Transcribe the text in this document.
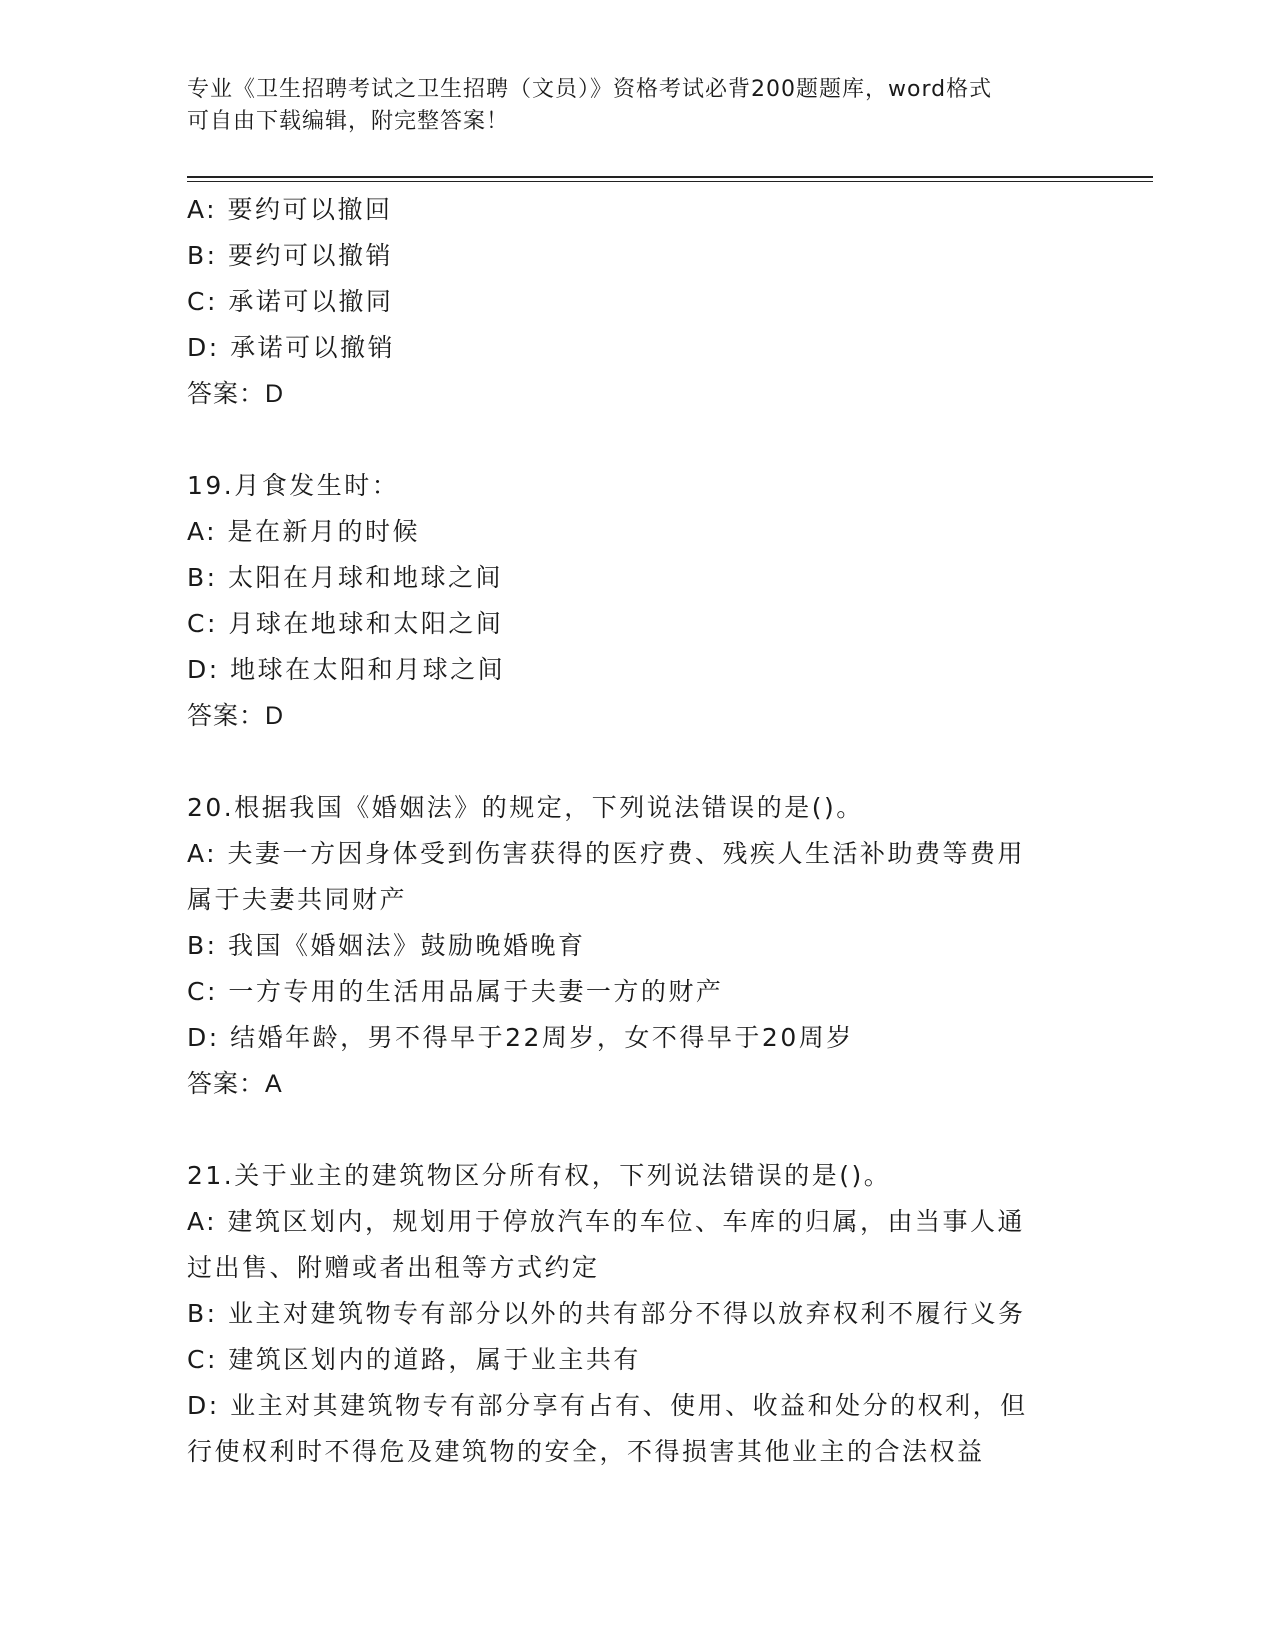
专业《卫生招聘考试之卫生招聘（文员）》资格考试必背200题题库，word格式
可自由下载编辑，附完整答案！
A: 要约可以撤回
B: 要约可以撤销
C: 承诺可以撤同
D: 承诺可以撤销
答案：D
19.月食发生时：
A: 是在新月的时候
B: 太阳在月球和地球之间
C: 月球在地球和太阳之间
D: 地球在太阳和月球之间
答案：D
20.根据我国《婚姻法》的规定，下列说法错误的是()。
A: 夫妻一方因身体受到伤害获得的医疗费、残疾人生活补助费等费用
属于夫妻共同财产
B: 我国《婚姻法》鼓励晚婚晚育
C: 一方专用的生活用品属于夫妻一方的财产
D: 结婚年龄，男不得早于22周岁，女不得早于20周岁
答案：A
21.关于业主的建筑物区分所有权，下列说法错误的是()。
A: 建筑区划内，规划用于停放汽车的车位、车库的归属，由当事人通
过出售、附赠或者出租等方式约定
B: 业主对建筑物专有部分以外的共有部分不得以放弃权利不履行义务
C: 建筑区划内的道路，属于业主共有
D: 业主对其建筑物专有部分享有占有、使用、收益和处分的权利，但
行使权利时不得危及建筑物的安全，不得损害其他业主的合法权益
